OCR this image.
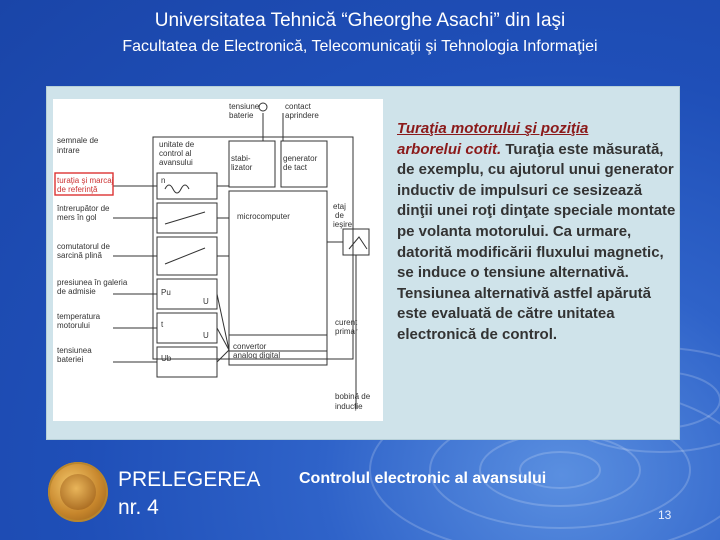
Universitatea Tehnică “Gheorghe Asachi” din Iaşi
Facultatea de Electronică, Telecomunicaţii şi Tehnologia Informaţiei
semnale de
intrare
turaţia şi marcaj
de referinţă
întrerupător de
mers în gol
comutatorul de
sarcină plină
presiunea în galeria
de admisie
temperatura
motorului
tensiunea
bateriei
tensiune
baterie
contact
aprindere
unitate de
control al
avansului	stabi-
lizator
generator
de tact
microcomputer
etaj
de
ieşire
curent
primar
convertor
analog digital
bobină de
inducţie
n
Pu
U
t
U
Ub
Turaţia motorului şi poziţia
arborelui cotit. Turaţia este măsurată, de exemplu, cu ajutorul unui generator inductiv de impulsuri ce sesizează dinţii unei roţi dinţate speciale montate pe volanta motorului. Ca urmare, datorită modificării fluxului magnetic, se induce o tensiune alternativă. Tensiunea alternativă astfel apărută este evaluată de către unitatea electronică de control.
PRELEGEREA
nr. 4
Controlul electronic al avansului
13
